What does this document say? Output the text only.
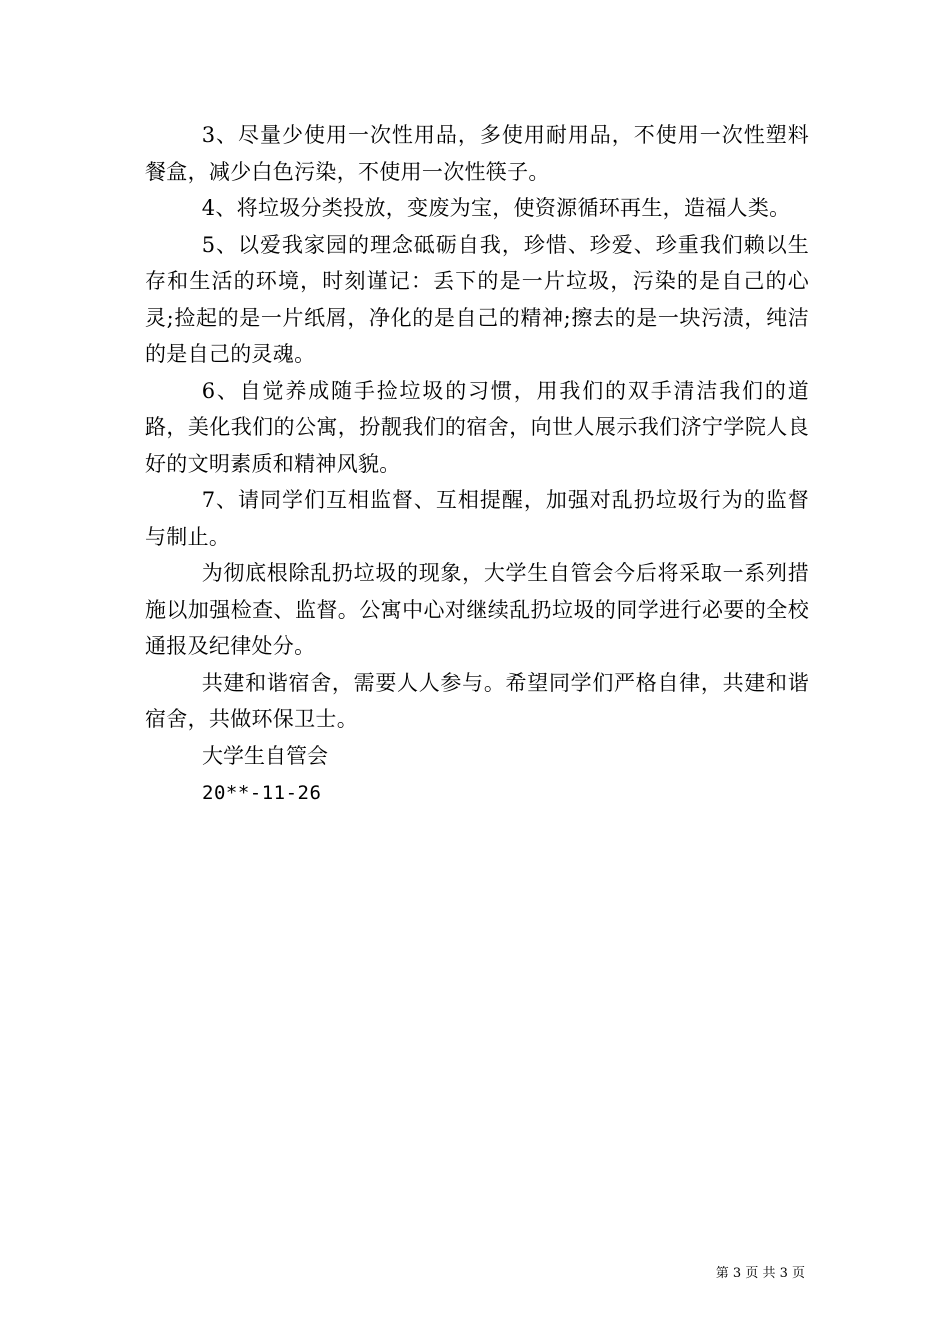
3、尽量少使用一次性用品，多使用耐用品，不使用一次性塑料餐盒，减少白色污染，不使用一次性筷子。

4、将垃圾分类投放，变废为宝，使资源循环再生，造福人类。

5、以爱我家园的理念砥砺自我，珍惜、珍爱、珍重我们赖以生存和生活的环境，时刻谨记：丢下的是一片垃圾，污染的是自己的心灵;捡起的是一片纸屑，净化的是自己的精神;擦去的是一块污渍，纯洁的是自己的灵魂。

6、自觉养成随手捡垃圾的习惯，用我们的双手清洁我们的道路，美化我们的公寓，扮靓我们的宿舍，向世人展示我们济宁学院人良好的文明素质和精神风貌。

7、请同学们互相监督、互相提醒，加强对乱扔垃圾行为的监督与制止。

为彻底根除乱扔垃圾的现象，大学生自管会今后将采取一系列措施以加强检查、监督。公寓中心对继续乱扔垃圾的同学进行必要的全校通报及纪律处分。

共建和谐宿舍，需要人人参与。希望同学们严格自律，共建和谐宿舍，共做环保卫士。

大学生自管会

20**-11-26

第 3 页 共 3 页
